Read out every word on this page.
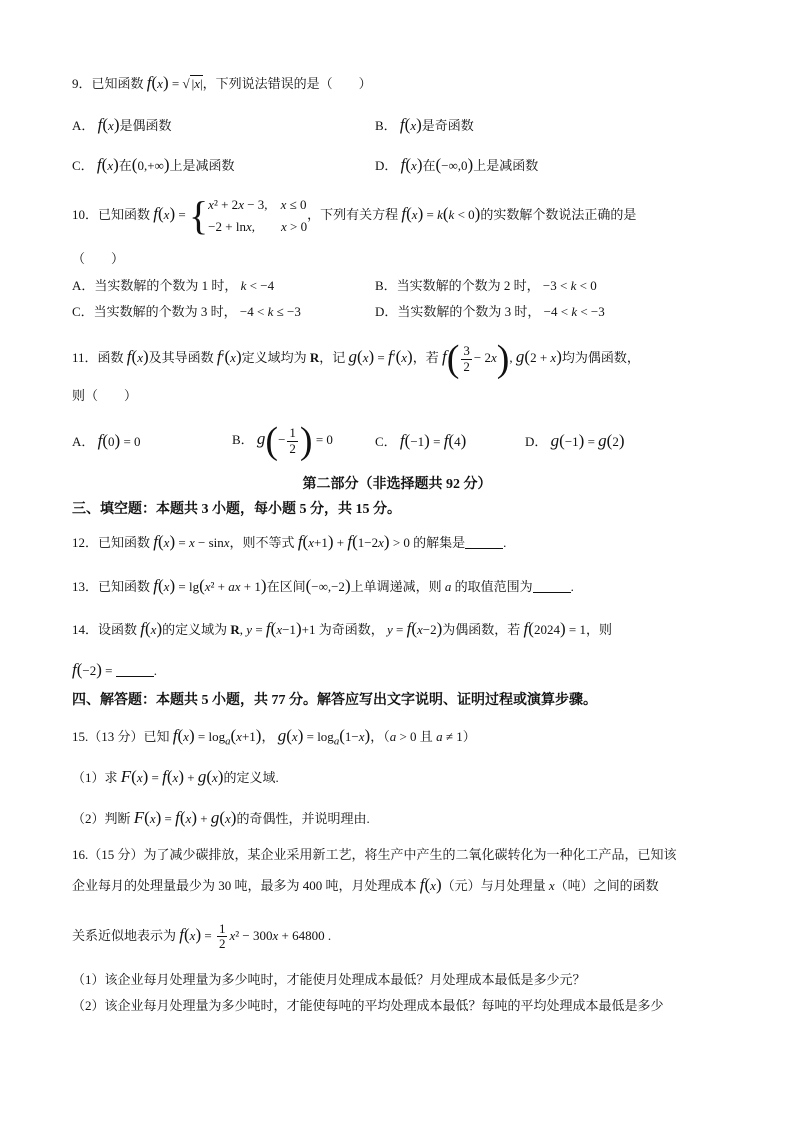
9．已知函数 f(x) = √ |x|，下列说法错误的是（　　）
A． f(x)是偶函数	B． f(x)是奇函数
C． f(x)在(0,+∞)上是减函数	D． f(x)在(−∞,0)上是减函数
10．已知函数 f(x) = { x² + 2x − 3,　x ≤ 0
−2 + lnx,　　x > 0
，下列有关方程 f(x) = k(k < 0)的实数解个数说法正确的是
（　　）
A．当实数解的个数为 1 时， k < −4	B．当实数解的个数为 2 时， −3 < k < 0
C．当实数解的个数为 3 时， −4 < k ≤ −3	D．当实数解的个数为 3 时， −4 < k < −3
11．函数 f(x)及其导函数 f′(x)定义域均为 R，记 g(x) = f′(x)，若 $f( \frac{3}{2} - 2x)$, g(2 + x)均为偶函数，
则（　　）
A． f(0) = 0	B． $g(- \frac{1}{2}$ ) = 0	C． f(−1) = f(4)	D． g(−1) = g(2)
第二部分（非选择题共 92 分）
三、填空题：本题共 3 小题，每小题 5 分，共 15 分。
12．已知函数 f(x) = x − sinx，则不等式 f(x+1) + f(1−2x) > 0 的解集是	.
13．已知函数 f(x) = lg(x² + ax + 1)在区间(−∞,−2)上单调递减，则 a 的取值范围为	.
14．设函数 f(x)的定义域为 R, y = f(x−1)+1 为奇函数， y = f(x−2)为偶函数，若 f(2024) = 1，则
f(−2) =	.
四、解答题：本题共 5 小题，共 77 分。解答应写出文字说明、证明过程或演算步骤。
15.（13 分）已知 $f(x) = \log_a(x+1)$， $g(x) = \log_a(1-x)$，（a > 0 且 a ≠ 1）
（1）求 F(x) = f(x) + g(x)的定义域.
（2）判断 F(x) = f(x) + g(x)的奇偶性，并说明理由.
16.（15 分）为了减少碳排放，某企业采用新工艺，将生产中产生的二氧化碳转化为一种化工产品，已知该
企业每月的处理量最少为 30 吨，最多为 400 吨，月处理成本 f(x)（元）与月处理量 x（吨）之间的函数
关系近似地表示为 $f(x) = \frac{1}{2} x^2 - 300x + 64800$ .
（1）该企业每月处理量为多少吨时，才能使月处理成本最低？月处理成本最低是多少元？
（2）该企业每月处理量为多少吨时，才能使每吨的平均处理成本最低？每吨的平均处理成本最低是多少
